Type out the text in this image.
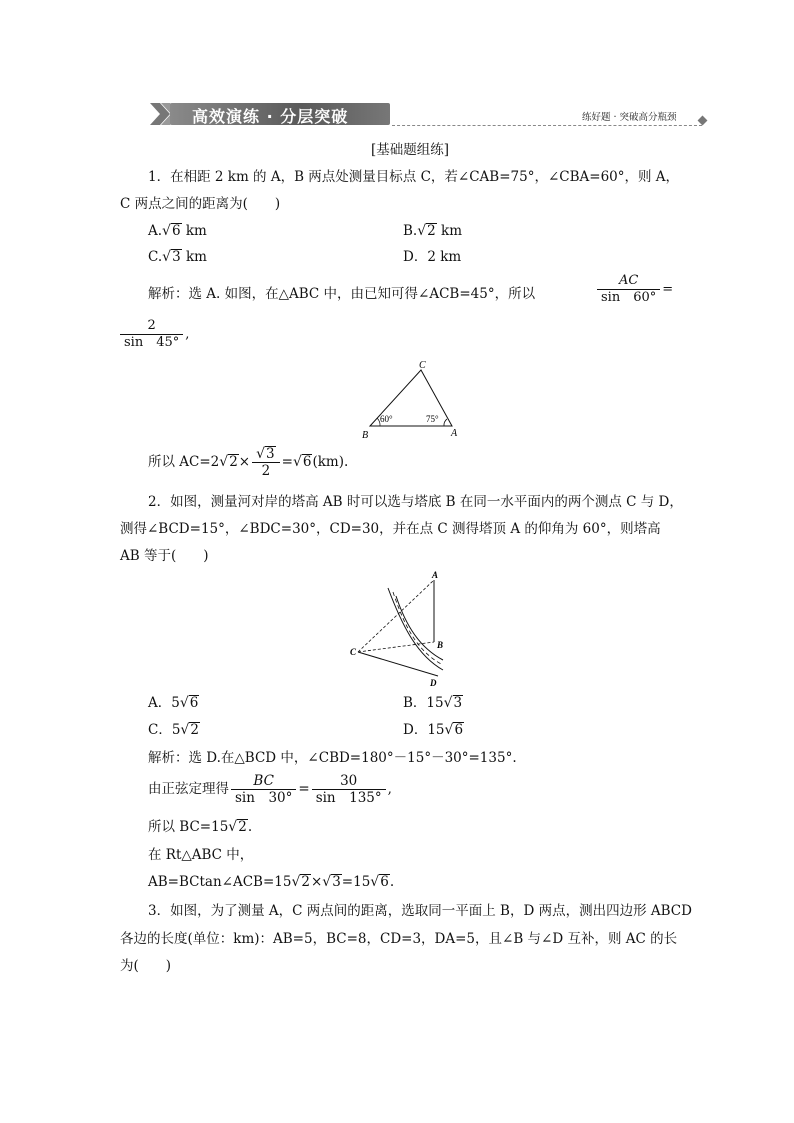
高效演练 · 分层突破	练好题 · 突破高分瓶颈
[基础题组练]
1．在相距 2 km 的 A，B 两点处测量目标点 C，若∠CAB=75°，∠CBA=60°，则 A，
C 两点之间的距离为(　　)
A.√6 km	B.√2 km
C.√3 km	D．2 km
解析：选 A. 如图，在△ABC 中，由已知可得∠ACB=45°，所以	$\frac{AC}{\sin 60^\circ}$ =
$\frac{2}{\sin 45^\circ}$ ,
C
B	A
60°	75°
所以 $AC=2√2\times \frac{√3}{2} =√6(km)$.
2．如图，测量河对岸的塔高 AB 时可以选与塔底 B 在同一水平面内的两个测点 C 与 D，
测得∠BCD=15°，∠BDC=30°，CD=30，并在点 C 测得塔顶 A 的仰角为 60°，则塔高
AB 等于(　　)
A
B
C
D
A．5√6	B．15√3
C．5√2	D．15√6
解析：选 D.在△BCD 中，∠CBD=180°－15°－30°=135°.
由正弦定理得 $\frac{BC}{\sin 30^\circ} = \frac{30}{\sin 135^\circ}$ ,
所以 BC=15√2.
在 Rt△ABC 中，
AB=BCtan∠ACB=15√2×√3=15√6.
3．如图，为了测量 A，C 两点间的距离，选取同一平面上 B，D 两点，测出四边形 ABCD
各边的长度(单位：km)：AB=5，BC=8，CD=3，DA=5，且∠B 与∠D 互补，则 AC 的长
为(　　)
